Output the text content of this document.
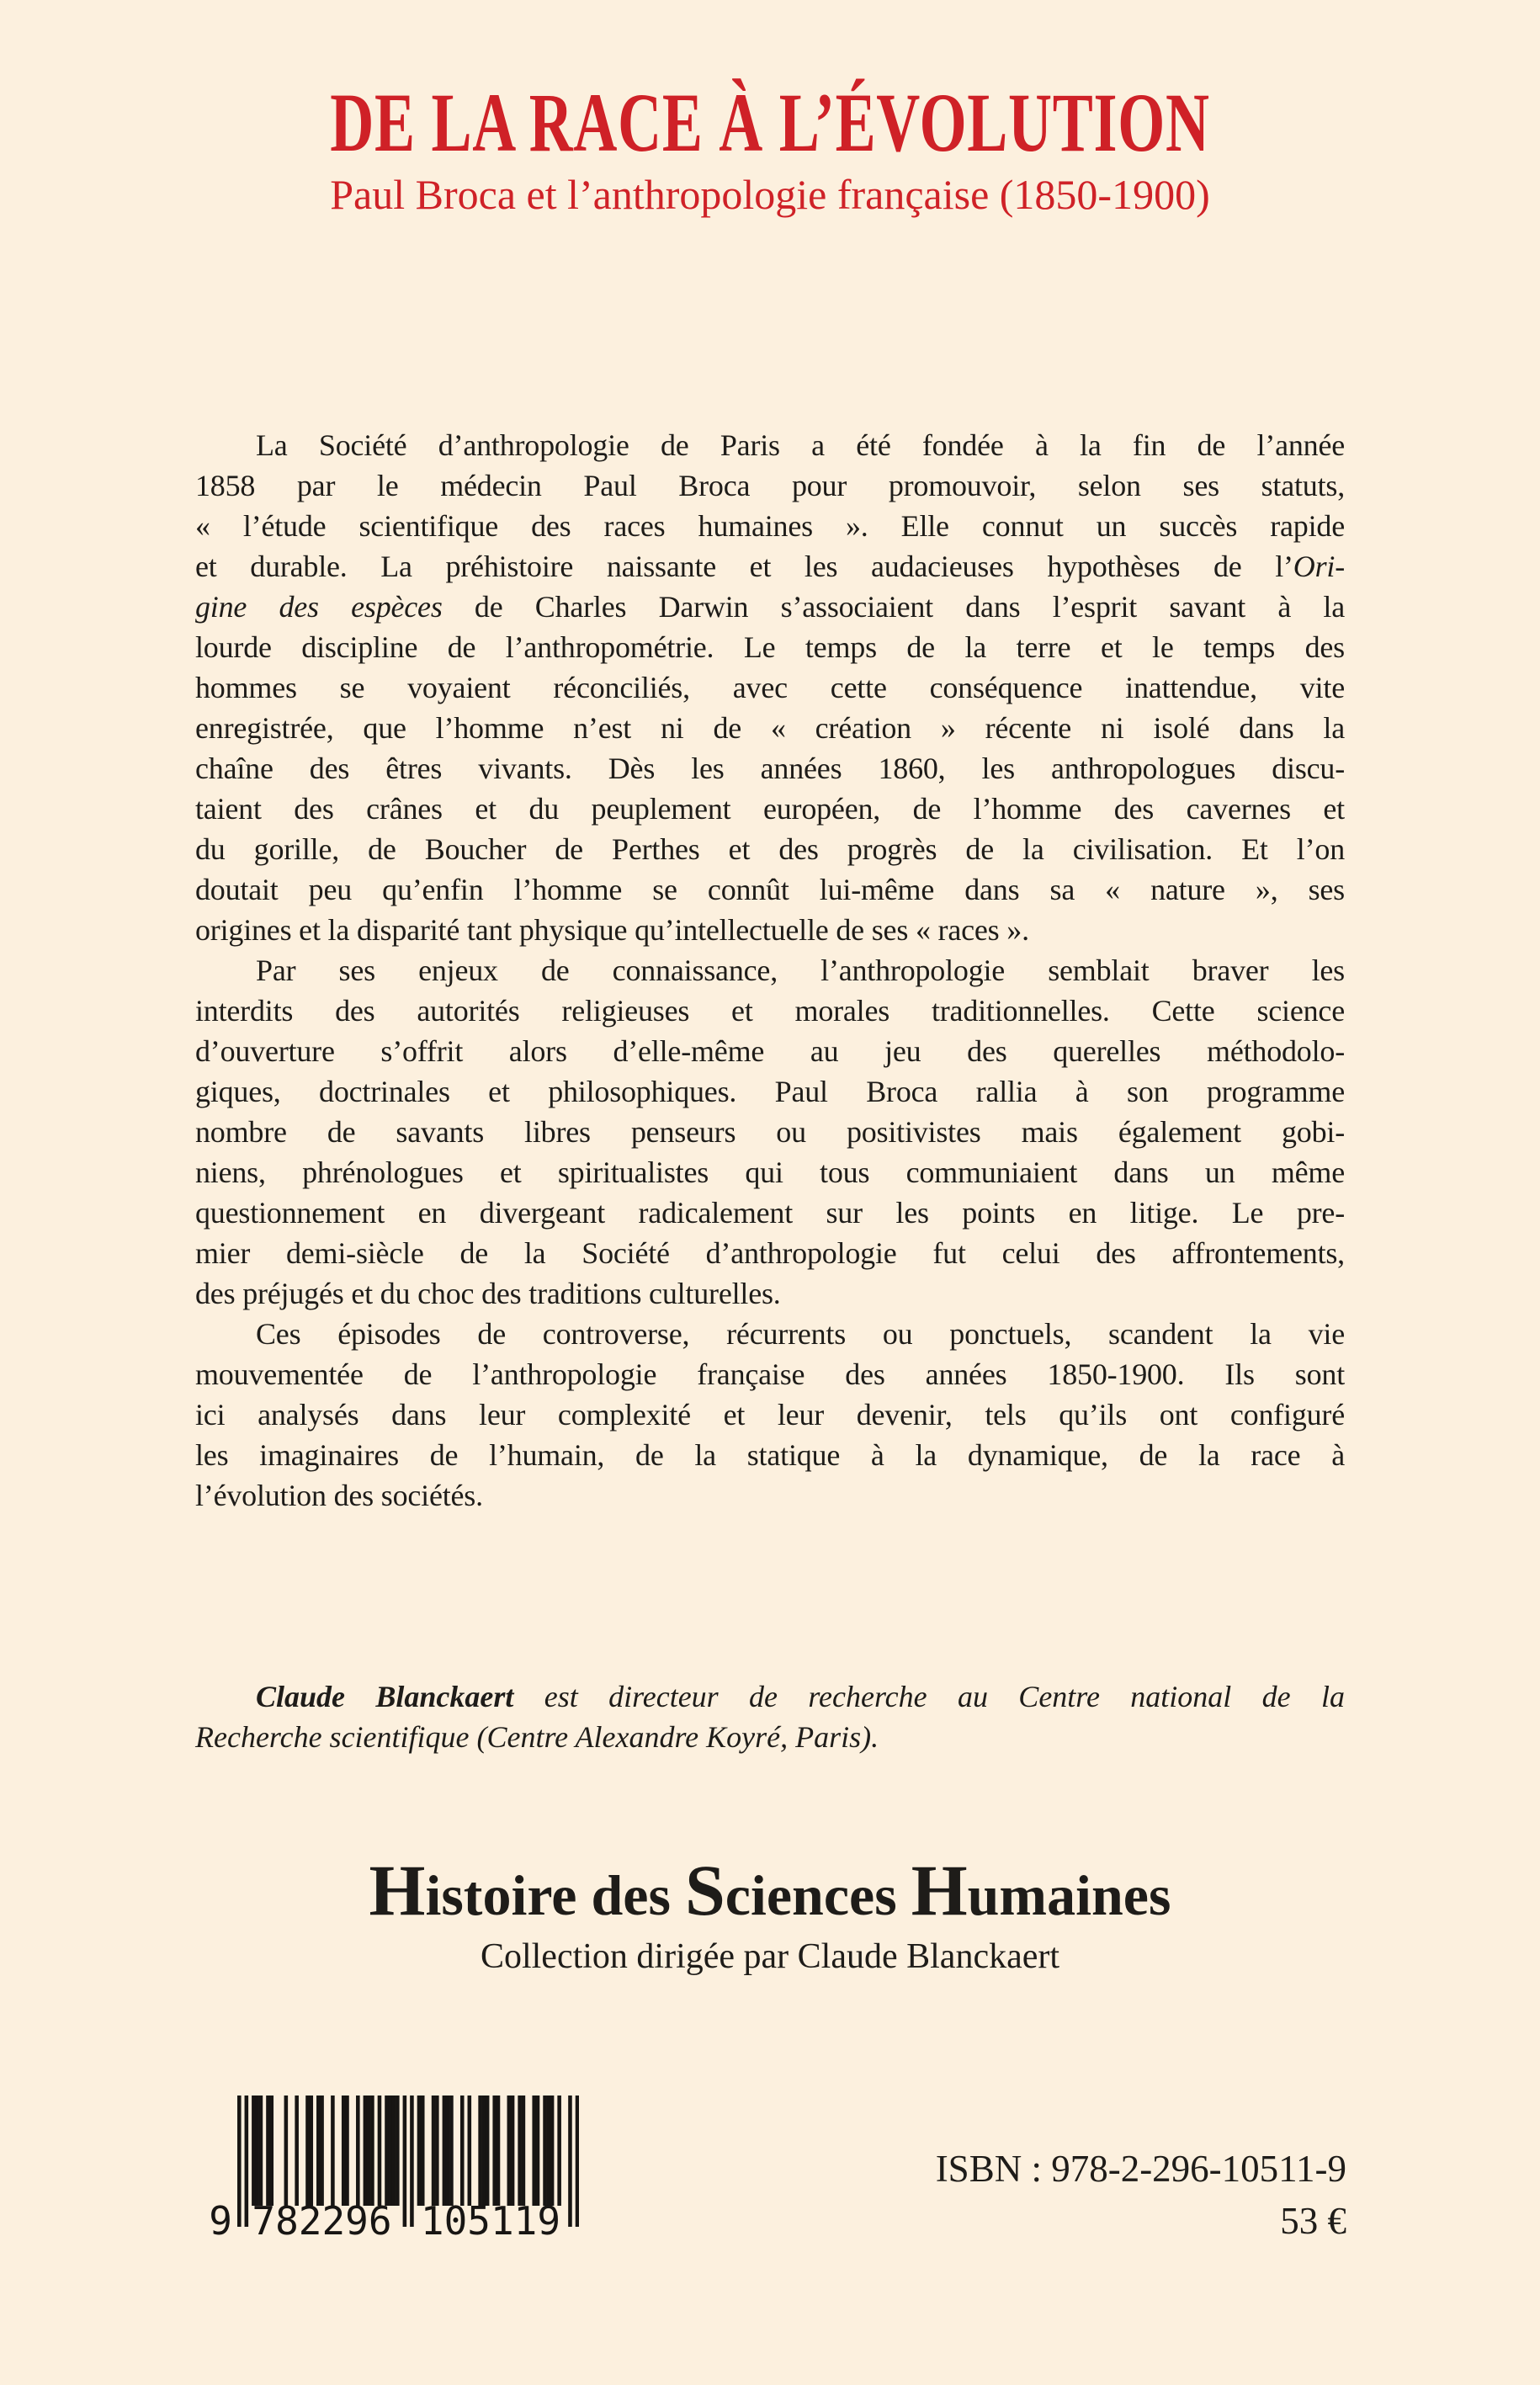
DE LA RACE À L’ÉVOLUTION
Paul Broca et l’anthropologie française (1850-1900)
La Société d’anthropologie de Paris a été fondée à la fin de l’année
1858 par le médecin Paul Broca pour promouvoir, selon ses statuts,
« l’étude scientifique des races humaines ». Elle connut un succès rapide
et durable. La préhistoire naissante et les audacieuses hypothèses de l’Ori-
gine des espèces de Charles Darwin s’associaient dans l’esprit savant à la
lourde discipline de l’anthropométrie. Le temps de la terre et le temps des
hommes se voyaient réconciliés, avec cette conséquence inattendue, vite
enregistrée, que l’homme n’est ni de « création » récente ni isolé dans la
chaîne des êtres vivants. Dès les années 1860, les anthropologues discu-
taient des crânes et du peuplement européen, de l’homme des cavernes et
du gorille, de Boucher de Perthes et des progrès de la civilisation. Et l’on
doutait peu qu’enfin l’homme se connût lui-même dans sa « nature », ses
origines et la disparité tant physique qu’intellectuelle de ses « races ».
Par ses enjeux de connaissance, l’anthropologie semblait braver les
interdits des autorités religieuses et morales traditionnelles. Cette science
d’ouverture s’offrit alors d’elle-même au jeu des querelles méthodolo-
giques, doctrinales et philosophiques. Paul Broca rallia à son programme
nombre de savants libres penseurs ou positivistes mais également gobi-
niens, phrénologues et spiritualistes qui tous communiaient dans un même
questionnement en divergeant radicalement sur les points en litige. Le pre-
mier demi-siècle de la Société d’anthropologie fut celui des affrontements,
des préjugés et du choc des traditions culturelles.
Ces épisodes de controverse, récurrents ou ponctuels, scandent la vie
mouvementée de l’anthropologie française des années 1850-1900. Ils sont
ici analysés dans leur complexité et leur devenir, tels qu’ils ont configuré
les imaginaires de l’humain, de la statique à la dynamique, de la race à
l’évolution des sociétés.
Claude Blanckaert est directeur de recherche au Centre national de la
Recherche scientifique (Centre Alexandre Koyré, Paris).
Histoire des Sciences Humaines
Collection dirigée par Claude Blanckaert
9 782296 105119
ISBN : 978-2-296-10511-9
53 €
